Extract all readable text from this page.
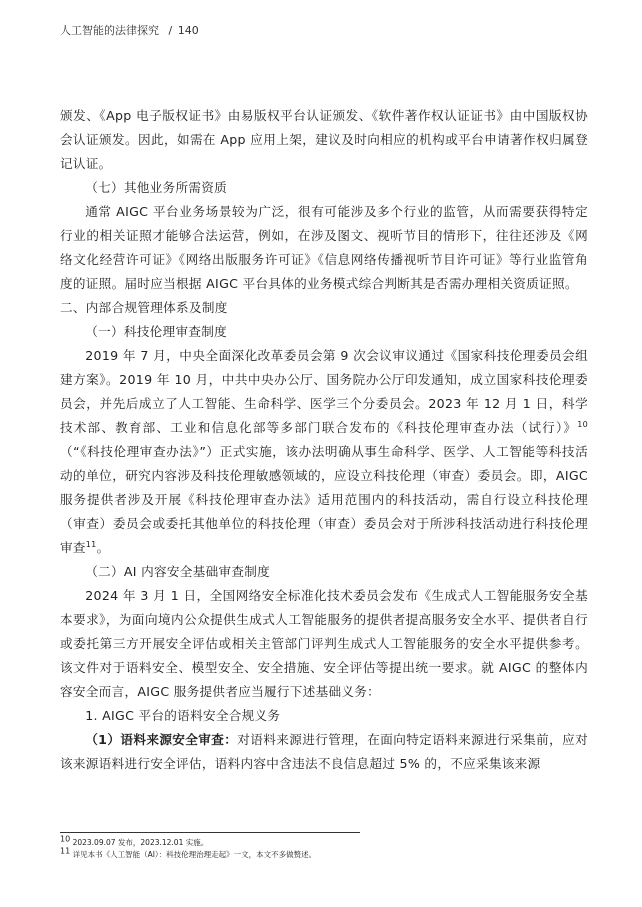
人工智能的法律探究 / 140

颁发、《App 电子版权证书》由易版权平台认证颁发、《软件著作权认证证书》由中国版权协会认证颁发。因此，如需在 App 应用上架，建议及时向相应的机构或平台申请著作权归属登记认证。

（七）其他业务所需资质

通常 AIGC 平台业务场景较为广泛，很有可能涉及多个行业的监管，从而需要获得特定行业的相关证照才能够合法运营，例如，在涉及图文、视听节目的情形下，往往还涉及《网络文化经营许可证》《网络出版服务许可证》《信息网络传播视听节目许可证》等行业监管角度的证照。届时应当根据 AIGC 平台具体的业务模式综合判断其是否需办理相关资质证照。

二、内部合规管理体系及制度

（一）科技伦理审查制度

2019 年 7 月，中央全面深化改革委员会第 9 次会议审议通过《国家科技伦理委员会组建方案》。2019 年 10 月，中共中央办公厅、国务院办公厅印发通知，成立国家科技伦理委员会，并先后成立了人工智能、生命科学、医学三个分委员会。2023 年 12 月 1 日，科学技术部、教育部、工业和信息化部等多部门联合发布的《科技伦理审查办法（试行）》$^{10}$（“《科技伦理审查办法》”）正式实施，该办法明确从事生命科学、医学、人工智能等科技活动的单位，研究内容涉及科技伦理敏感领域的，应设立科技伦理（审查）委员会。即，AIGC 服务提供者涉及开展《科技伦理审查办法》适用范围内的科技活动，需自行设立科技伦理（审查）委员会或委托其他单位的科技伦理（审查）委员会对于所涉科技活动进行科技伦理审查$^{11}$。

（二）AI 内容安全基础审查制度

2024 年 3 月 1 日，全国网络安全标准化技术委员会发布《生成式人工智能服务安全基本要求》，为面向境内公众提供生成式人工智能服务的提供者提高服务安全水平、提供者自行或委托第三方开展安全评估或相关主管部门评判生成式人工智能服务的安全水平提供参考。该文件对于语料安全、模型安全、安全措施、安全评估等提出统一要求。就 AIGC 的整体内容安全而言，AIGC 服务提供者应当履行下述基础义务：

1. AIGC 平台的语料安全合规义务

（1）语料来源安全审查：对语料来源进行管理，在面向特定语料来源进行采集前，应对该来源语料进行安全评估，语料内容中含违法不良信息超过 5% 的，不应采集该来源

$^{10}$ 2023.09.07 发布，2023.12.01 实施。

$^{11}$ 详见本书《人工智能（AI）：科技伦理治理走起》一文，本文不多做赘述。
